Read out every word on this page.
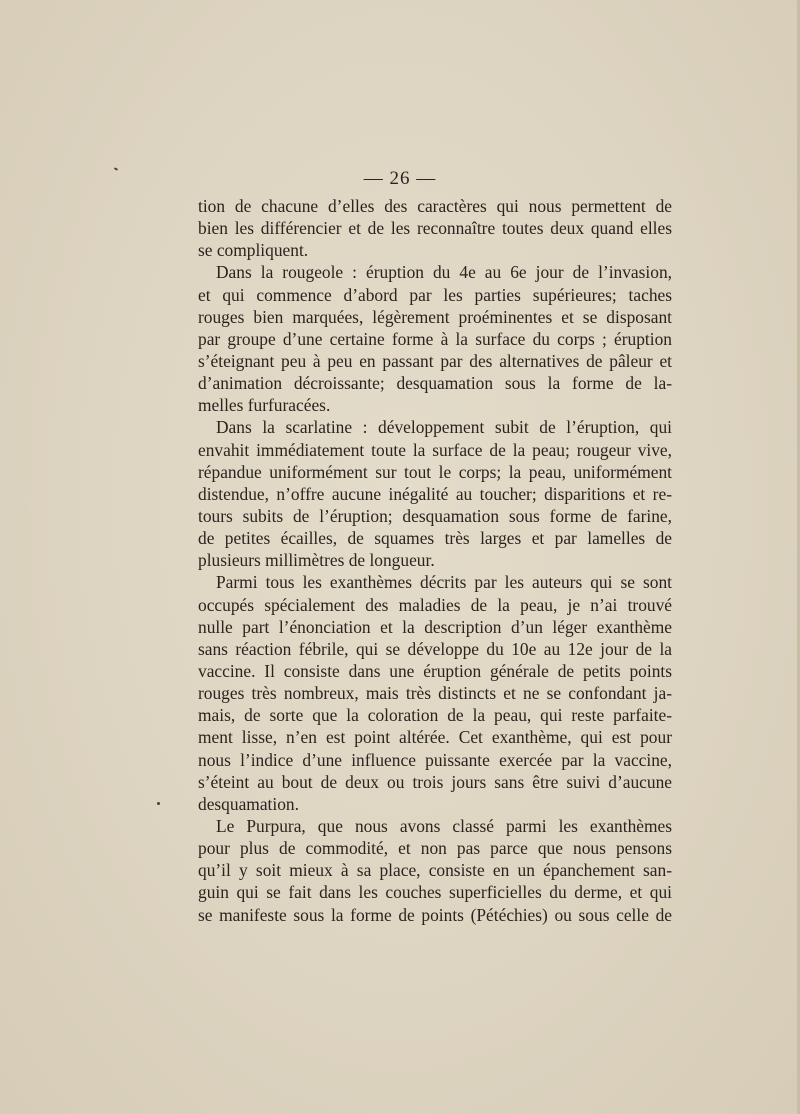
— 26 —
tion de chacune d’elles des caractères qui nous permettent de
bien les différencier et de les reconnaître toutes deux quand elles
se compliquent.
Dans la rougeole : éruption du 4e au 6e jour de l’invasion,
et qui commence d’abord par les parties supérieures; taches
rouges bien marquées, légèrement proéminentes et se disposant
par groupe d’une certaine forme à la surface du corps ; éruption
s’éteignant peu à peu en passant par des alternatives de pâleur et
d’animation décroissante; desquamation sous la forme de la-
melles furfuracées.
Dans la scarlatine : développement subit de l’éruption, qui
envahit immédiatement toute la surface de la peau; rougeur vive,
répandue uniformément sur tout le corps; la peau, uniformément
distendue, n’offre aucune inégalité au toucher; disparitions et re-
tours subits de l’éruption; desquamation sous forme de farine,
de petites écailles, de squames très larges et par lamelles de
plusieurs millimètres de longueur.
Parmi tous les exanthèmes décrits par les auteurs qui se sont
occupés spécialement des maladies de la peau, je n’ai trouvé
nulle part l’énonciation et la description d’un léger exanthème
sans réaction fébrile, qui se développe du 10e au 12e jour de la
vaccine. Il consiste dans une éruption générale de petits points
rouges très nombreux, mais très distincts et ne se confondant ja-
mais, de sorte que la coloration de la peau, qui reste parfaite-
ment lisse, n’en est point altérée. Cet exanthème, qui est pour
nous l’indice d’une influence puissante exercée par la vaccine,
s’éteint au bout de deux ou trois jours sans être suivi d’aucune
desquamation.
Le Purpura, que nous avons classé parmi les exanthèmes
pour plus de commodité, et non pas parce que nous pensons
qu’il y soit mieux à sa place, consiste en un épanchement san-
guin qui se fait dans les couches superficielles du derme, et qui
se manifeste sous la forme de points (Pétéchies) ou sous celle de
